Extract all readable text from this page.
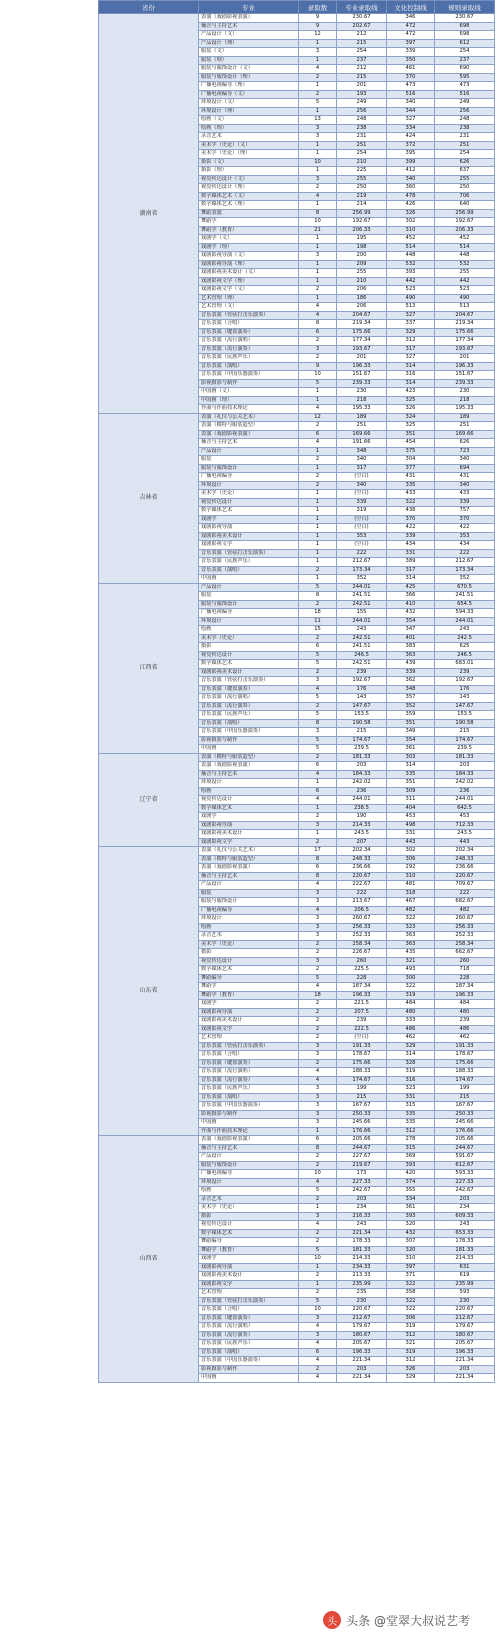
省份	专业	录取数	专业录取线	文化控制线	规则录取线
湖南省	表演（戏剧影视表演）	9	230.67	346	230.67
	播音与主持艺术	9	202.67	472	698
	产品设计（文）	12	212	472	698
	产品设计（理）	1	215	397	612
	服装（文）	3	254	339	254
	服装（理）	1	237	350	237
	服装与服饰设计（文）	4	212	461	690
	服装与服饰设计（理）	2	215	370	595
	广播电视编导（理）	1	201	473	473
	广播电视编导（文）	2	193	516	516
	环境设计（文）	5	249	340	249
	环境设计（理）	1	256	344	256
	绘画（文）	13	248	327	248
	绘画（理）	3	238	334	238
	录音艺术	3	231	424	231
	美术学（史论）（文）	1	251	372	251
	美术学（史论）（理）	1	254	395	254
	摄影（文）	10	210	399	626
	摄影（理）	1	225	412	637
	视觉传达设计（文）	3	255	340	255
	视觉传达设计（理）	2	250	360	250
	数字媒体艺术（文）	4	219	478	706
	数字媒体艺术（理）	1	214	426	640
	舞蹈表演	8	256.99	326	256.99
	舞蹈学	10	192.67	302	192.67
	舞蹈学（教育）	21	206.33	310	206.33
	戏剧学（文）	1	195	452	452
	戏剧学（理）	1	198	514	514
	戏剧影视导演（文）	3	200	448	448
	戏剧影视导演（理）	1	209	532	532
	戏剧影视美术设计（文）	1	255	393	255
	戏剧影视文学（理）	1	210	442	442
	戏剧影视文学（文）	2	206	523	523
	艺术管理（理）	1	186	490	490
	艺术管理（文）	4	206	513	513
	音乐表演（管弦打击乐演奏）	4	204.67	327	204.67
	音乐表演（合唱）	8	219.34	337	219.34
	音乐表演（键盘演奏）	6	175.66	329	175.66
	音乐表演（流行演唱）	2	177.34	312	177.34
	音乐表演（流行演奏）	3	193.67	317	193.67
	音乐表演（民族声乐）	2	201	327	201
	音乐表演（演唱）	9	196.33	314	196.33
	音乐表演（中国乐器演奏）	10	151.67	316	151.67
	影视摄影与制作	5	239.33	314	239.33
	中国画（文）	1	230	423	230
	中国画（理）	1	218	325	218
	作曲与作曲技术理论	4	195.33	326	195.33
吉林省	表演（礼仪与公关艺术）	12	189	324	189
	表演（模特与服装造型）	2	251	325	251
	表演（戏剧影视表演）	6	169.66	351	169.66
	播音与主持艺术	4	191.66	454	626
	产品设计	1	348	375	723
	服装	2	340	304	340
	服装与服饰设计	1	317	377	694
	广播电视编导	2	(空白)	431	431
	环境设计	2	340	335	340
	美术学（史论）	1	(空白)	433	433
	视觉传达设计	1	339	322	339
	数字媒体艺术	1	319	438	757
	戏剧学	1	(空白)	370	370
	戏剧影视导演	1	(空白)	422	422
	戏剧影视美术设计	1	353	339	353
	戏剧影视文学	1	(空白)	434	434
	音乐表演（管弦打击乐演奏）	1	222	331	222
	音乐表演（民族声乐）	1	212.67	389	212.67
	音乐表演（演唱）	2	173.34	317	173.34
	中国画	1	352	314	352
江西省	产品设计	5	244.01	425	670.5
	服装	8	241.51	366	241.51
	服装与服饰设计	2	242.51	410	654.5
	广播电视编导	18	155	432	594.33
	环境设计	11	244.01	354	244.01
	绘画	15	243	347	243
	美术学（史论）	2	242.51	401	242.5
	摄影	6	241.51	383	625
	视觉传达设计	5	246.5	363	246.5
	数字媒体艺术	5	242.51	439	683.01
	戏剧影视美术设计	2	239	339	239
	音乐表演（管弦打击乐演奏）	3	192.67	362	192.67
	音乐表演（键盘演奏）	4	176	348	176
	音乐表演（流行演唱）	5	143	357	143
	音乐表演（流行演奏）	2	147.67	352	147.67
	音乐表演（民族声乐）	5	153.5	359	153.5
	音乐表演（演唱）	8	190.58	351	190.58
	音乐表演（中国乐器演奏）	3	215	349	215
	影视摄影与制作	5	174.67	354	174.67
	中国画	5	239.5	361	239.5
辽宁省	表演（模特与服装造型）	2	181.33	303	181.33
	表演（戏剧影视表演）	6	203	314	203
	播音与主持艺术	4	184.33	335	184.33
	环境设计	1	242.02	351	242.02
	绘画	6	236	309	236
	视觉传达设计	4	244.01	311	244.01
	数字媒体艺术	1	238.5	404	642.5
	戏剧学	2	190	453	453
	戏剧影视导演	3	214.33	498	712.33
	戏剧影视美术设计	1	243.5	331	243.5
	戏剧影视文学	2	207	443	443
山东省	表演（礼仪与公关艺术）	17	202.34	302	202.34
	表演（模特与服装造型）	8	248.33	306	248.33
	表演（戏剧影视表演）	6	236.66	292	236.66
	播音与主持艺术	8	220.67	310	220.67
	产品设计	4	222.67	481	709.67
	服装	3	222	318	222
	服装与服饰设计	3	213.67	467	682.67
	广播电视编导	4	206.5	482	482
	环境设计	3	260.67	322	260.67
	绘画	3	256.33	323	256.33
	录音艺术	3	252.33	363	252.33
	美术学（史论）	2	258.34	363	258.34
	摄影	2	226.67	435	662.67
	视觉传达设计	3	260	321	260
	数字媒体艺术	2	225.5	493	718
	舞蹈编导	5	228	300	228
	舞蹈学	4	187.34	322	187.34
	舞蹈学（教育）	18	196.33	319	196.33
	戏剧学	2	221.5	484	484
	戏剧影视导演	2	207.5	480	480
	戏剧影视美术设计	2	239	333	239
	戏剧影视文学	2	222.5	486	486
	艺术管理	2	(空白)	462	462
	音乐表演（管弦打击乐演奏）	3	191.33	329	191.33
	音乐表演（合唱）	3	178.67	314	178.67
	音乐表演（键盘演奏）	2	175.66	328	175.66
	音乐表演（流行演唱）	4	188.33	319	188.33
	音乐表演（流行演奏）	4	174.67	316	174.67
	音乐表演（民族声乐）	3	199	323	199
	音乐表演（演唱）	3	215	331	215
	音乐表演（中国乐器演奏）	3	167.67	315	167.67
	影视摄影与制作	3	250.33	335	250.33
	中国画	3	245.66	335	245.66
	作曲与作曲技术理论	1	176.66	312	176.66
山西省	表演（戏剧影视表演）	6	205.66	278	205.66
	播音与主持艺术	8	244.67	315	244.67
	产品设计	2	227.67	369	591.67
	服装与服饰设计	2	219.67	393	612.67
	广播电视编导	10	173	420	593.33
	环境设计	4	227.33	374	227.33
	绘画	5	242.67	355	242.67
	录音艺术	2	203	334	203
	美术学（史论）	1	234	361	234
	摄影	3	216.33	393	609.33
	视觉传达设计	4	243	320	243
	数字媒体艺术	2	221.34	432	653.33
	舞蹈编导	2	178.33	307	178.33
	舞蹈学（教育）	5	181.33	320	181.33
	戏剧学	10	214.33	310	214.33
	戏剧影视导演	1	234.33	397	631
	戏剧影视美术设计	2	213.33	371	619
	戏剧影视文学	1	235.99	322	235.99
	艺术管理	2	235	358	593
	音乐表演（管弦打击乐演奏）	5	230	322	230
	音乐表演（合唱）	10	220.67	322	220.67
	音乐表演（键盘演奏）	3	212.67	306	212.67
	音乐表演（流行演唱）	4	179.67	319	179.67
	音乐表演（流行演奏）	3	180.67	312	180.67
	音乐表演（民族声乐）	4	205.67	321	205.67
	音乐表演（演唱）	6	196.33	319	196.33
	音乐表演（中国乐器演奏）	4	221.34	312	221.34
	影视摄影与制作	2	203	326	203
	中国画	4	221.34	329	221.34
头 头条 @堂翠大叔说艺考
